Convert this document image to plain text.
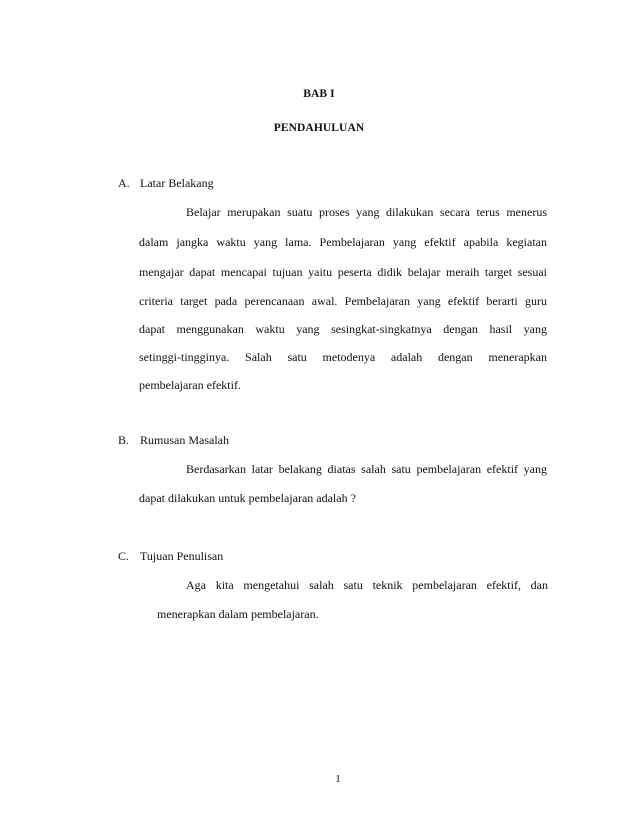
BAB I
PENDAHULUAN
A. Latar Belakang
Belajar merupakan suatu proses yang dilakukan secara terus menerus
dalam jangka waktu yang lama. Pembelajaran yang efektif apabila kegiatan
mengajar dapat mencapai tujuan yaitu peserta didik belajar meraih target sesuai
criteria target pada perencanaan awal. Pembelajaran yang efektif berarti guru
dapat menggunakan waktu yang sesingkat-singkatnya dengan hasil yang
setinggi-tingginya. Salah satu metodenya adalah dengan menerapkan
pembelajaran efektif.
B. Rumusan Masalah
Berdasarkan latar belakang diatas salah satu pembelajaran efektif yang
dapat dilakukan untuk pembelajaran adalah ?
C. Tujuan Penulisan
Aga kita mengetahui salah satu teknik pembelajaran efektif, dan
menerapkan dalam pembelajaran.
1
